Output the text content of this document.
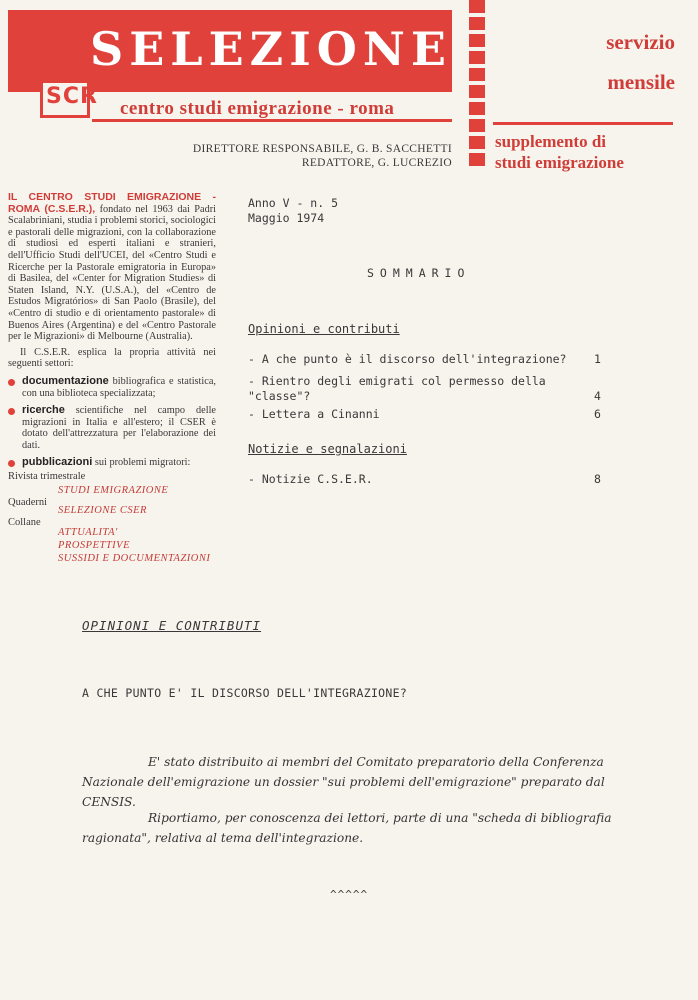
SELEZIONE
SCR centro studi emigrazione - roma
DIRETTORE RESPONSABILE, G. B. SACCHETTI
REDATTORE, G. LUCREZIO
servizio
mensile
supplemento di
studi emigrazione

IL CENTRO STUDI EMIGRAZIONE - ROMA (C.S.E.R.), fondato nel 1963 dai Padri Scalabriniani, studia i problemi storici, sociologici e pastorali delle migrazioni, con la collaborazione di studiosi ed esperti italiani e stranieri, dell'Ufficio Studi dell'UCEI, del «Centro Studi e Ricerche per la Pastorale emigratoria in Europa» di Basilea, del «Center for Migration Studies» di Staten Island, N.Y. (U.S.A.), del «Centro de Estudos Migratórios» di San Paolo (Brasile), del «Centro di studio e di orientamento pastorale» di Buenos Aires (Argentina) e del «Centro Pastorale per le Migrazioni» di Melbourne (Australia).

Il C.S.E.R. esplica la propria attività nei seguenti settori:

documentazione bibliografica e statistica, con una biblioteca specializzata;
ricerche scientifiche nel campo delle migrazioni in Italia e all'estero; il CSER è dotato dell'attrezzatura per l'elaborazione dei dati.
pubblicazioni sui problemi migratori:
Rivista trimestrale
STUDI EMIGRAZIONE
Quaderni
SELEZIONE CSER
Collane
ATTUALITA'
PROSPETTIVE
SUSSIDI E DOCUMENTAZIONI
Anno V - n. 5
Maggio 1974
SOMMARIO
Opinioni e contributi
- A che punto è il discorso dell'integrazione? 1
- Rientro degli emigrati col permesso della "classe"?	4
- Lettera a Cinanni	6
Notizie e segnalazioni
- Notizie C.S.E.R.	8
OPINIONI E CONTRIBUTI
A CHE PUNTO E' IL DISCORSO DELL'INTEGRAZIONE?
E' stato distribuito ai membri del Comitato preparatorio della Conferenza Nazionale dell'emigrazione un dossier "sui problemi dell'emigrazione" preparato dal CENSIS.
Riportiamo, per conoscenza dei lettori, parte di una "scheda di bibliografia ragionata", relativa al tema dell'integrazione.
^^^^^
